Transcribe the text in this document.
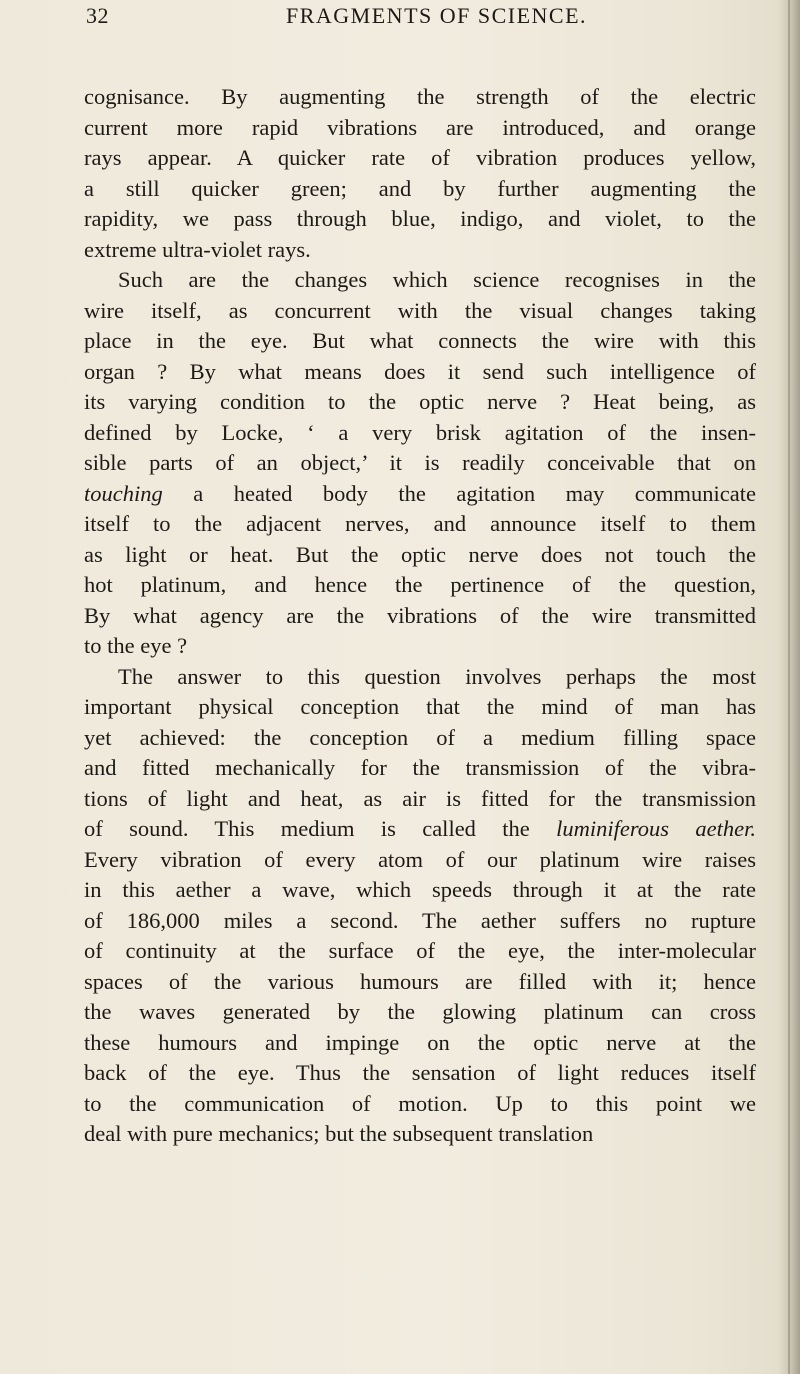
32	FRAGMENTS OF SCIENCE.
cognisance. By augmenting the strength of the electric
current more rapid vibrations are introduced, and orange
rays appear. A quicker rate of vibration produces yellow,
a still quicker green; and by further augmenting the
rapidity, we pass through blue, indigo, and violet, to the
extreme ultra-violet rays.
Such are the changes which science recognises in the
wire itself, as concurrent with the visual changes taking
place in the eye. But what connects the wire with this
organ ? By what means does it send such intelligence of
its varying condition to the optic nerve ? Heat being, as
defined by Locke, ‘ a very brisk agitation of the insen-
sible parts of an object,’ it is readily conceivable that on
touching a heated body the agitation may communicate
itself to the adjacent nerves, and announce itself to them
as light or heat. But the optic nerve does not touch the
hot platinum, and hence the pertinence of the question,
By what agency are the vibrations of the wire transmitted
to the eye ?
The answer to this question involves perhaps the most
important physical conception that the mind of man has
yet achieved: the conception of a medium filling space
and fitted mechanically for the transmission of the vibra-
tions of light and heat, as air is fitted for the transmission
of sound. This medium is called the luminiferous aether.
Every vibration of every atom of our platinum wire raises
in this aether a wave, which speeds through it at the rate
of 186,000 miles a second. The aether suffers no rupture
of continuity at the surface of the eye, the inter-molecular
spaces of the various humours are filled with it; hence
the waves generated by the glowing platinum can cross
these humours and impinge on the optic nerve at the
back of the eye. Thus the sensation of light reduces itself
to the communication of motion. Up to this point we
deal with pure mechanics; but the subsequent translation
